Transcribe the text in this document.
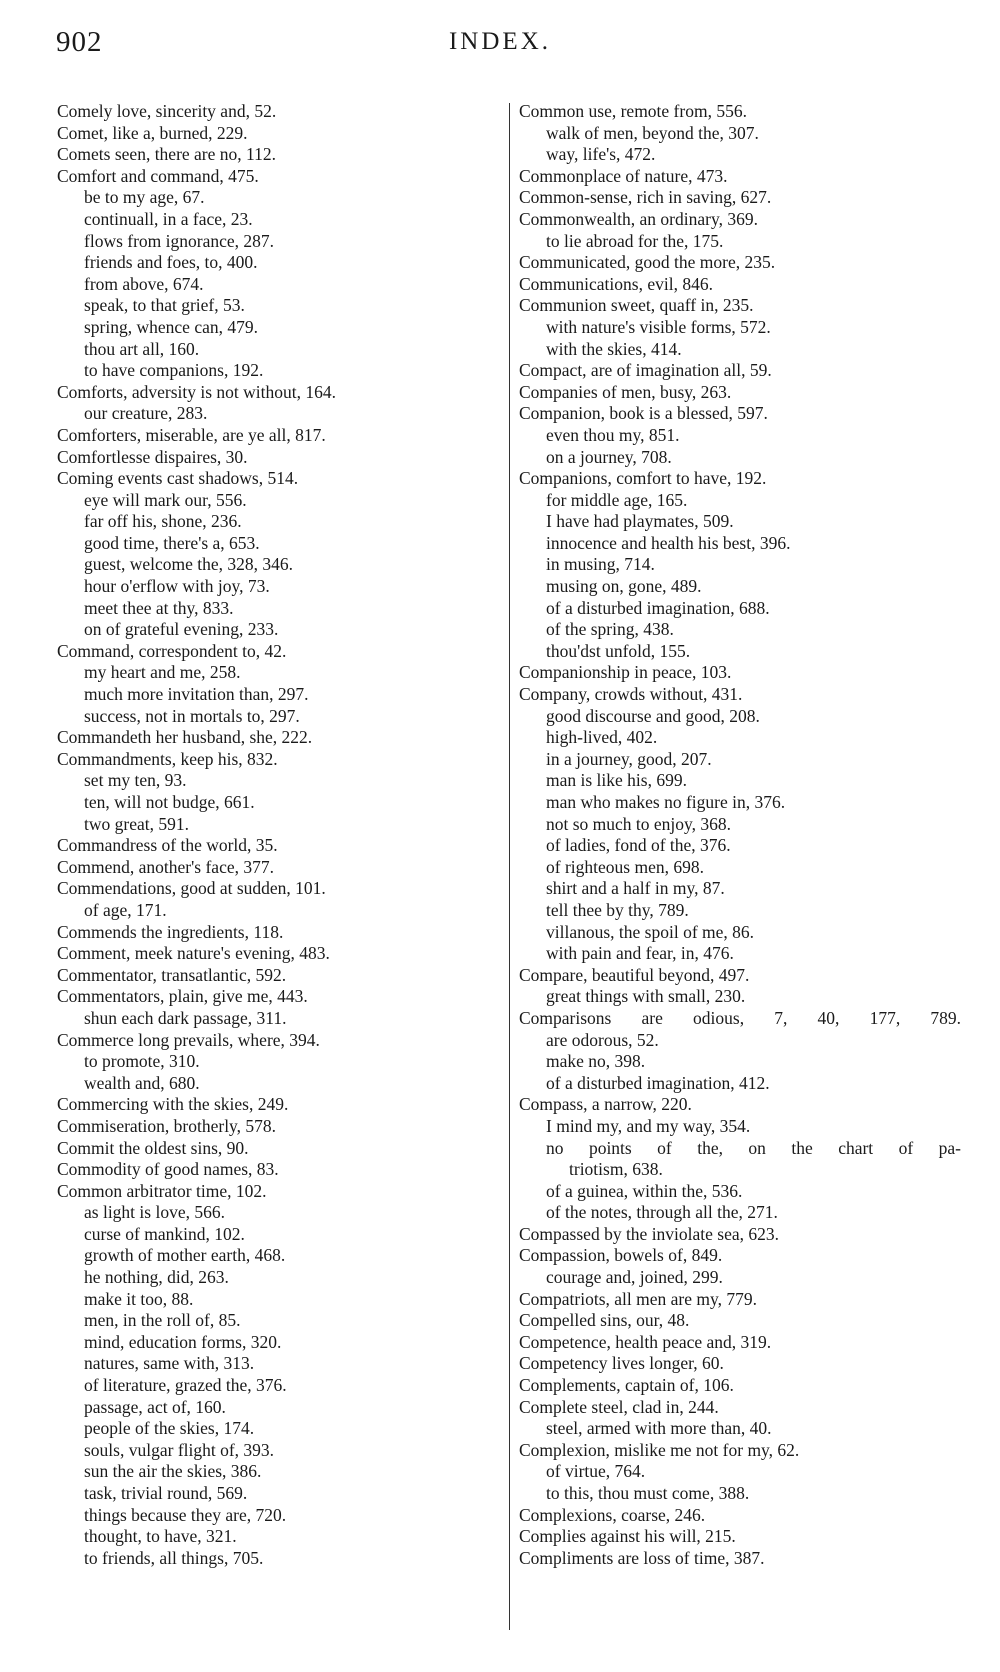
902	INDEX.
Comely love, sincerity and, 52.
Comet, like a, burned, 229.
Comets seen, there are no, 112.
Comfort and command, 475.
be to my age, 67.
continuall, in a face, 23.
flows from ignorance, 287.
friends and foes, to, 400.
from above, 674.
speak, to that grief, 53.
spring, whence can, 479.
thou art all, 160.
to have companions, 192.
Comforts, adversity is not without, 164.
our creature, 283.
Comforters, miserable, are ye all, 817.
Comfortlesse dispaires, 30.
Coming events cast shadows, 514.
eye will mark our, 556.
far off his, shone, 236.
good time, there's a, 653.
guest, welcome the, 328, 346.
hour o'erflow with joy, 73.
meet thee at thy, 833.
on of grateful evening, 233.
Command, correspondent to, 42.
my heart and me, 258.
much more invitation than, 297.
success, not in mortals to, 297.
Commandeth her husband, she, 222.
Commandments, keep his, 832.
set my ten, 93.
ten, will not budge, 661.
two great, 591.
Commandress of the world, 35.
Commend, another's face, 377.
Commendations, good at sudden, 101.
of age, 171.
Commends the ingredients, 118.
Comment, meek nature's evening, 483.
Commentator, transatlantic, 592.
Commentators, plain, give me, 443.
shun each dark passage, 311.
Commerce long prevails, where, 394.
to promote, 310.
wealth and, 680.
Commercing with the skies, 249.
Commiseration, brotherly, 578.
Commit the oldest sins, 90.
Commodity of good names, 83.
Common arbitrator time, 102.
as light is love, 566.
curse of mankind, 102.
growth of mother earth, 468.
he nothing, did, 263.
make it too, 88.
men, in the roll of, 85.
mind, education forms, 320.
natures, same with, 313.
of literature, grazed the, 376.
passage, act of, 160.
people of the skies, 174.
souls, vulgar flight of, 393.
sun the air the skies, 386.
task, trivial round, 569.
things because they are, 720.
thought, to have, 321.
to friends, all things, 705.
Common use, remote from, 556.
walk of men, beyond the, 307.
way, life's, 472.
Commonplace of nature, 473.
Common-sense, rich in saving, 627.
Commonwealth, an ordinary, 369.
to lie abroad for the, 175.
Communicated, good the more, 235.
Communications, evil, 846.
Communion sweet, quaff in, 235.
with nature's visible forms, 572.
with the skies, 414.
Compact, are of imagination all, 59.
Companies of men, busy, 263.
Companion, book is a blessed, 597.
even thou my, 851.
on a journey, 708.
Companions, comfort to have, 192.
for middle age, 165.
I have had playmates, 509.
innocence and health his best, 396.
in musing, 714.
musing on, gone, 489.
of a disturbed imagination, 688.
of the spring, 438.
thou'dst unfold, 155.
Companionship in peace, 103.
Company, crowds without, 431.
good discourse and good, 208.
high-lived, 402.
in a journey, good, 207.
man is like his, 699.
man who makes no figure in, 376.
not so much to enjoy, 368.
of ladies, fond of the, 376.
of righteous men, 698.
shirt and a half in my, 87.
tell thee by thy, 789.
villanous, the spoil of me, 86.
with pain and fear, in, 476.
Compare, beautiful beyond, 497.
great things with small, 230.
Comparisons are odious, 7, 40, 177, 789.
are odorous, 52.
make no, 398.
of a disturbed imagination, 412.
Compass, a narrow, 220.
I mind my, and my way, 354.
no points of the, on the chart of pa-
triotism, 638.
of a guinea, within the, 536.
of the notes, through all the, 271.
Compassed by the inviolate sea, 623.
Compassion, bowels of, 849.
courage and, joined, 299.
Compatriots, all men are my, 779.
Compelled sins, our, 48.
Competence, health peace and, 319.
Competency lives longer, 60.
Complements, captain of, 106.
Complete steel, clad in, 244.
steel, armed with more than, 40.
Complexion, mislike me not for my, 62.
of virtue, 764.
to this, thou must come, 388.
Complexions, coarse, 246.
Complies against his will, 215.
Compliments are loss of time, 387.
